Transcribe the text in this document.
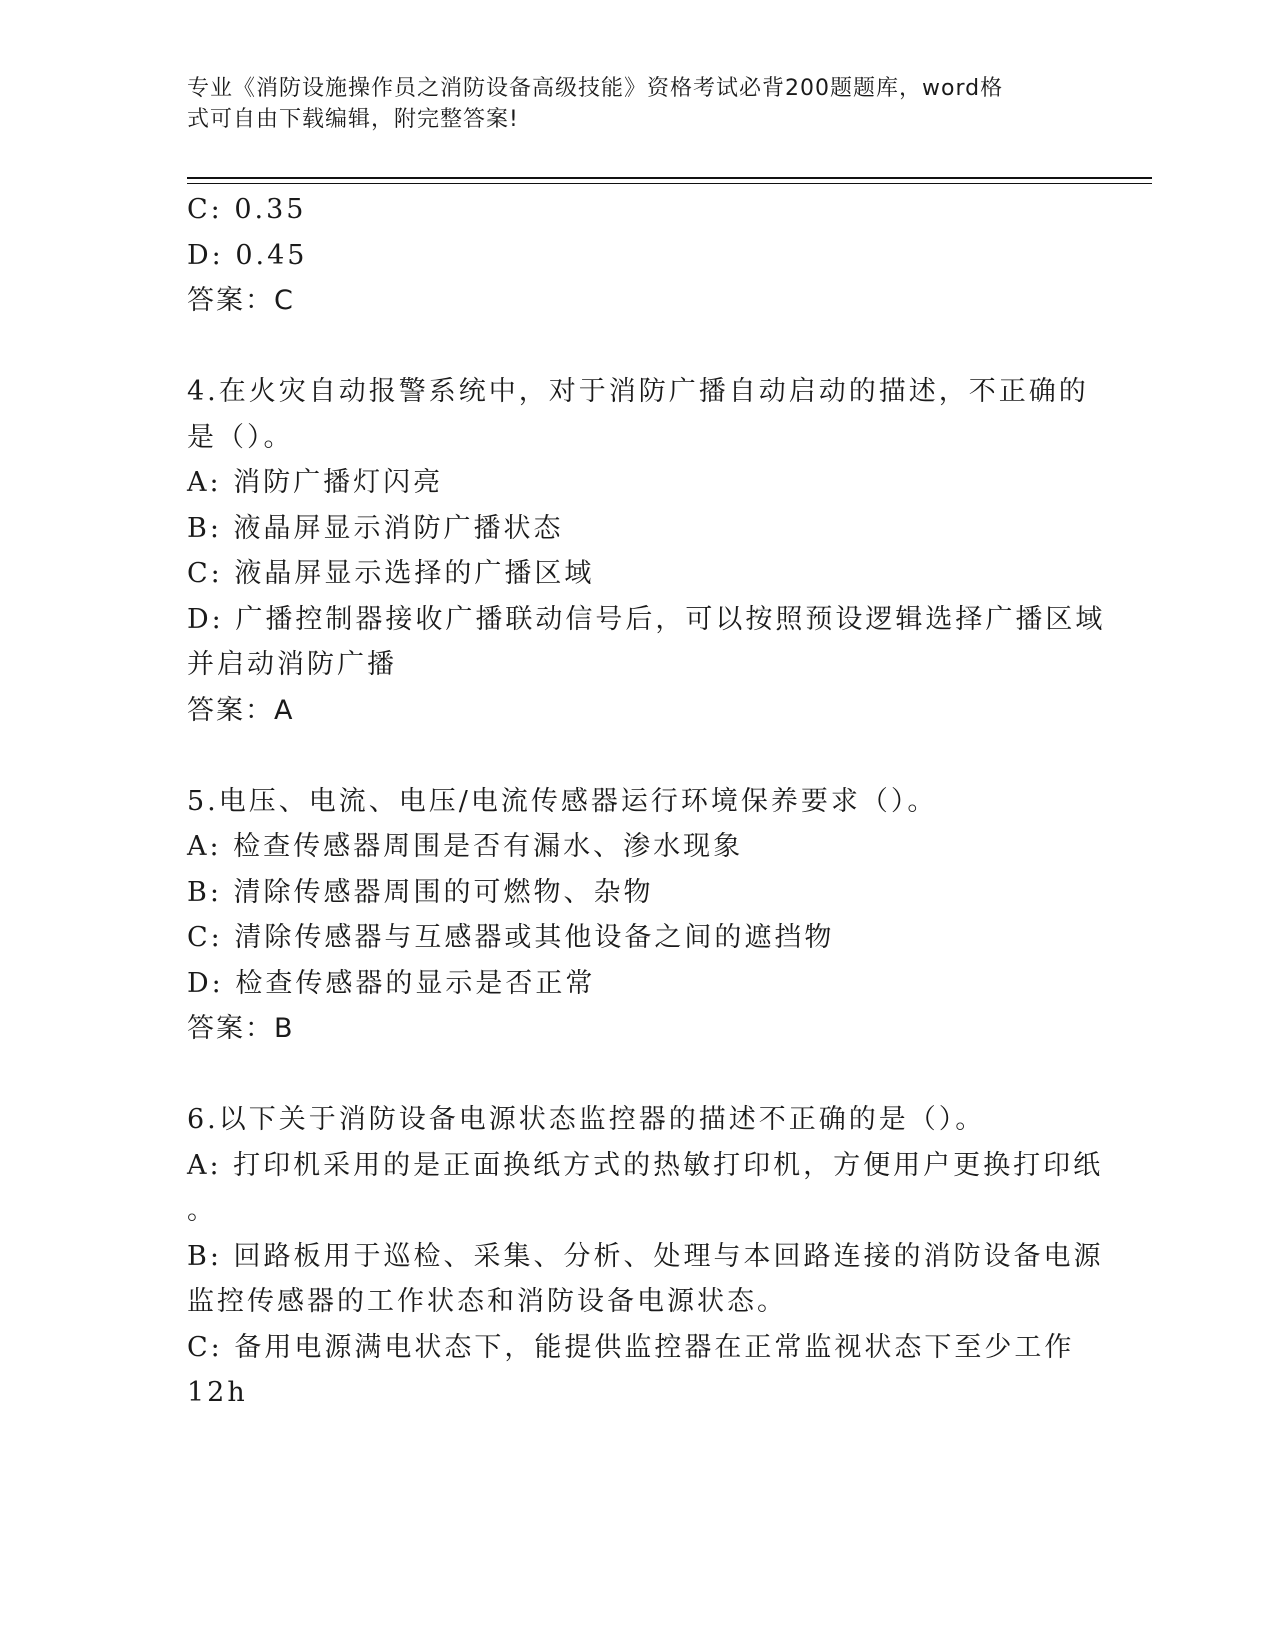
专业《消防设施操作员之消防设备高级技能》资格考试必背200题题库，word格
式可自由下载编辑，附完整答案!
C: 0.35
D: 0.45
答案：C
4.在火灾自动报警系统中，对于消防广播自动启动的描述，不正确的
是（）。
A: 消防广播灯闪亮
B: 液晶屏显示消防广播状态
C: 液晶屏显示选择的广播区域
D: 广播控制器接收广播联动信号后，可以按照预设逻辑选择广播区域
并启动消防广播
答案：A
5.电压、电流、电压/电流传感器运行环境保养要求（）。
A: 检查传感器周围是否有漏水、渗水现象
B: 清除传感器周围的可燃物、杂物
C: 清除传感器与互感器或其他设备之间的遮挡物
D: 检查传感器的显示是否正常
答案：B
6.以下关于消防设备电源状态监控器的描述不正确的是（）。
A: 打印机采用的是正面换纸方式的热敏打印机，方便用户更换打印纸
。
B: 回路板用于巡检、采集、分析、处理与本回路连接的消防设备电源
监控传感器的工作状态和消防设备电源状态。
C: 备用电源满电状态下，能提供监控器在正常监视状态下至少工作
12h
